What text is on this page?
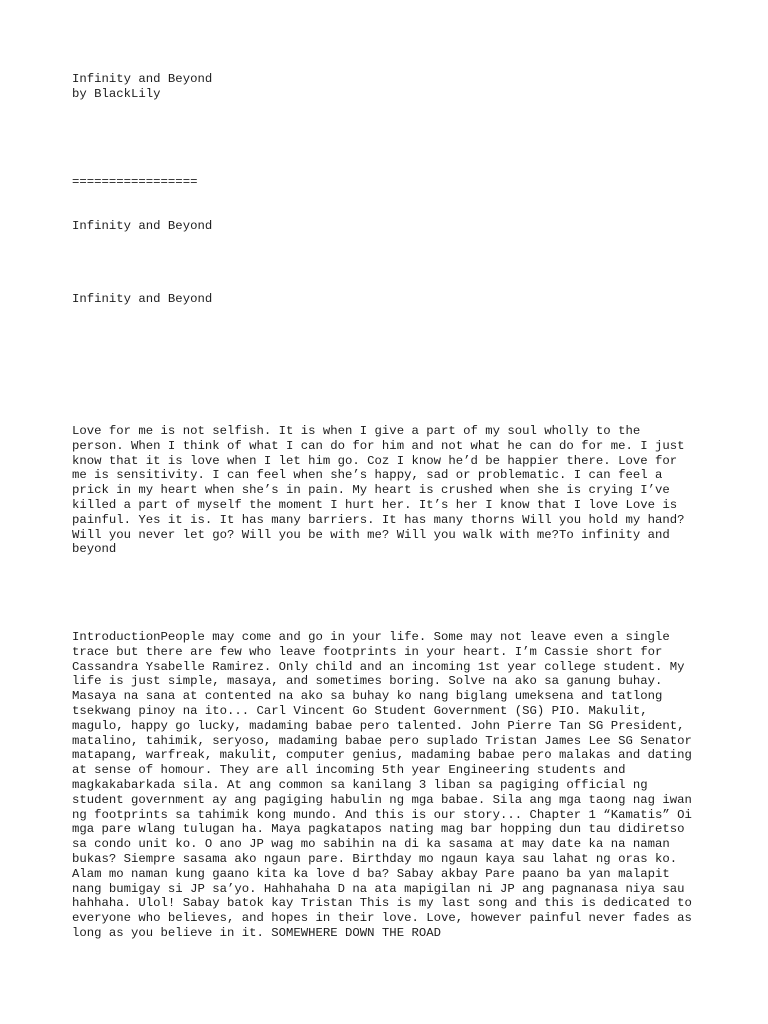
Infinity and Beyond

by BlackLily

=================

Infinity and Beyond

Infinity and Beyond

Love for me is not selfish. It is when I give a part of my soul wholly to the person. When I think of what I can do for him and not what he can do for me. I just know that it is love when I let him go. Coz I know he’d be happier there. Love for me is sensitivity. I can feel when she’s happy, sad or problematic. I can feel a prick in my heart when she’s in pain. My heart is crushed when she is crying I’ve killed a part of myself the moment I hurt her. It’s her I know that I love Love is painful. Yes it is. It has many barriers. It has many thorns Will you hold my hand? Will you never let go? Will you be with me? Will you walk with me?To infinity and beyond

IntroductionPeople may come and go in your life. Some may not leave even a single trace but there are few who leave footprints in your heart. I’m Cassie short for Cassandra Ysabelle Ramirez. Only child and an incoming 1st year college student. My life is just simple, masaya, and sometimes boring. Solve na ako sa ganung buhay. Masaya na sana at contented na ako sa buhay ko nang biglang umeksena and tatlong tsekwang pinoy na ito... Carl Vincent Go Student Government (SG) PIO. Makulit, magulo, happy go lucky, madaming babae pero talented. John Pierre Tan SG President, matalino, tahimik, seryoso, madaming babae pero suplado Tristan James Lee SG Senator matapang, warfreak, makulit, computer genius, madaming babae pero malakas and dating at sense of homour. They are all incoming 5th year Engineering students and magkakabarkada sila. At ang common sa kanilang 3 liban sa pagiging official ng student government ay ang pagiging habulin ng mga babae. Sila ang mga taong nag iwan ng footprints sa tahimik kong mundo. And this is our story... Chapter 1 “Kamatis” Oi mga pare wlang tulugan ha. Maya pagkatapos nating mag bar hopping dun tau didiretso sa condo unit ko. O ano JP wag mo sabihin na di ka sasama at may date ka na naman bukas? Siempre sasama ako ngaun pare. Birthday mo ngaun kaya sau lahat ng oras ko. Alam mo naman kung gaano kita ka love d ba? Sabay akbay Pare paano ba yan malapit nang bumigay si JP sa’yo. Hahhahaha D na ata mapigilan ni JP ang pagnanasa niya sau hahhaha. Ulol! Sabay batok kay Tristan This is my last song and this is dedicated to everyone who believes, and hopes in their love. Love, however painful never fades as long as you believe in it. SOMEWHERE DOWN THE ROAD
